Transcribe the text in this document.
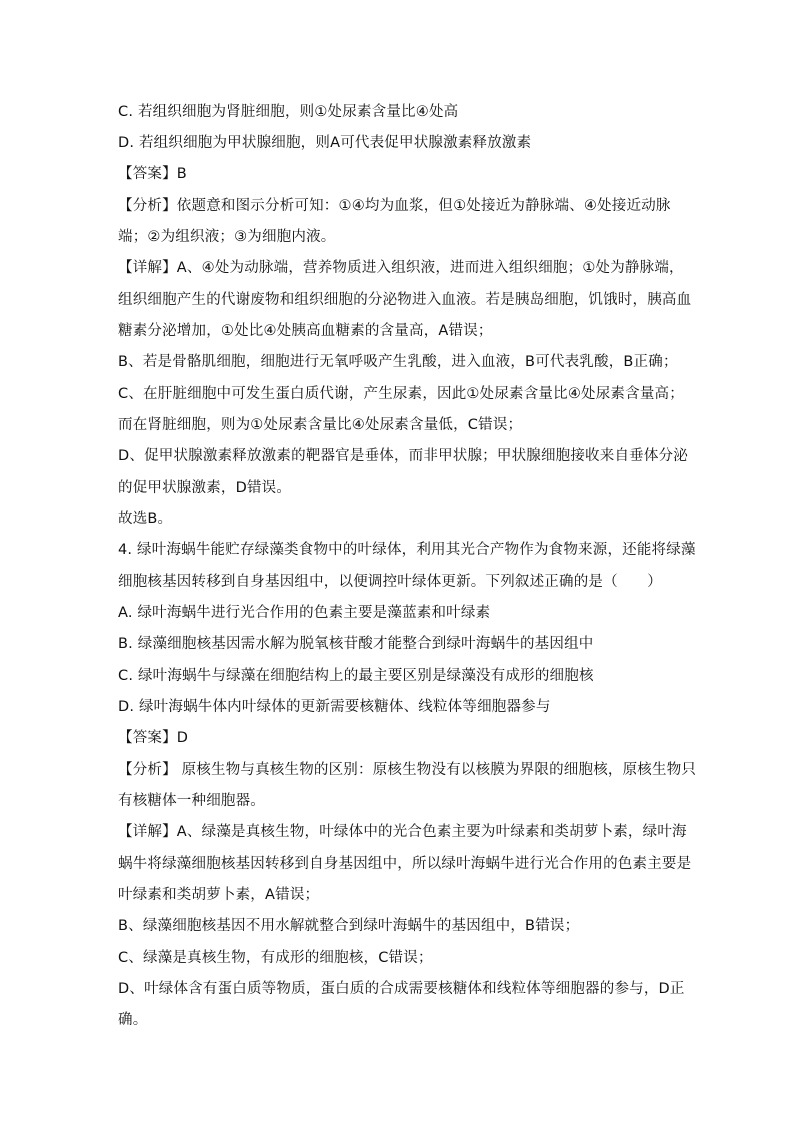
C. 若组织细胞为肾脏细胞，则①处尿素含量比④处高
D. 若组织细胞为甲状腺细胞，则A可代表促甲状腺激素释放激素
【答案】B
【分析】依题意和图示分析可知：①④均为血浆，但①处接近为静脉端、④处接近动脉
端；②为组织液；③为细胞内液。
【详解】A、④处为动脉端，营养物质进入组织液，进而进入组织细胞；①处为静脉端，
组织细胞产生的代谢废物和组织细胞的分泌物进入血液。若是胰岛细胞，饥饿时，胰高血
糖素分泌增加，①处比④处胰高血糖素的含量高，A错误；
B、若是骨骼肌细胞，细胞进行无氧呼吸产生乳酸，进入血液，B可代表乳酸，B正确；
C、在肝脏细胞中可发生蛋白质代谢，产生尿素，因此①处尿素含量比④处尿素含量高；
而在肾脏细胞，则为①处尿素含量比④处尿素含量低，C错误；
D、促甲状腺激素释放激素的靶器官是垂体，而非甲状腺；甲状腺细胞接收来自垂体分泌
的促甲状腺激素，D错误。
故选B。
4. 绿叶海蜗牛能贮存绿藻类食物中的叶绿体，利用其光合产物作为食物来源，还能将绿藻
细胞核基因转移到自身基因组中，以便调控叶绿体更新。下列叙述正确的是（　　）
A. 绿叶海蜗牛进行光合作用的色素主要是藻蓝素和叶绿素
B. 绿藻细胞核基因需水解为脱氧核苷酸才能整合到绿叶海蜗牛的基因组中
C. 绿叶海蜗牛与绿藻在细胞结构上的最主要区别是绿藻没有成形的细胞核
D. 绿叶海蜗牛体内叶绿体的更新需要核糖体、线粒体等细胞器参与
【答案】D
【分析】 原核生物与真核生物的区别：原核生物没有以核膜为界限的细胞核，原核生物只
有核糖体一种细胞器。
【详解】A、绿藻是真核生物，叶绿体中的光合色素主要为叶绿素和类胡萝卜素，绿叶海
蜗牛将绿藻细胞核基因转移到自身基因组中，所以绿叶海蜗牛进行光合作用的色素主要是
叶绿素和类胡萝卜素，A错误；
B、绿藻细胞核基因不用水解就整合到绿叶海蜗牛的基因组中，B错误；
C、绿藻是真核生物，有成形的细胞核，C错误；
D、叶绿体含有蛋白质等物质，蛋白质的合成需要核糖体和线粒体等细胞器的参与，D正
确。
